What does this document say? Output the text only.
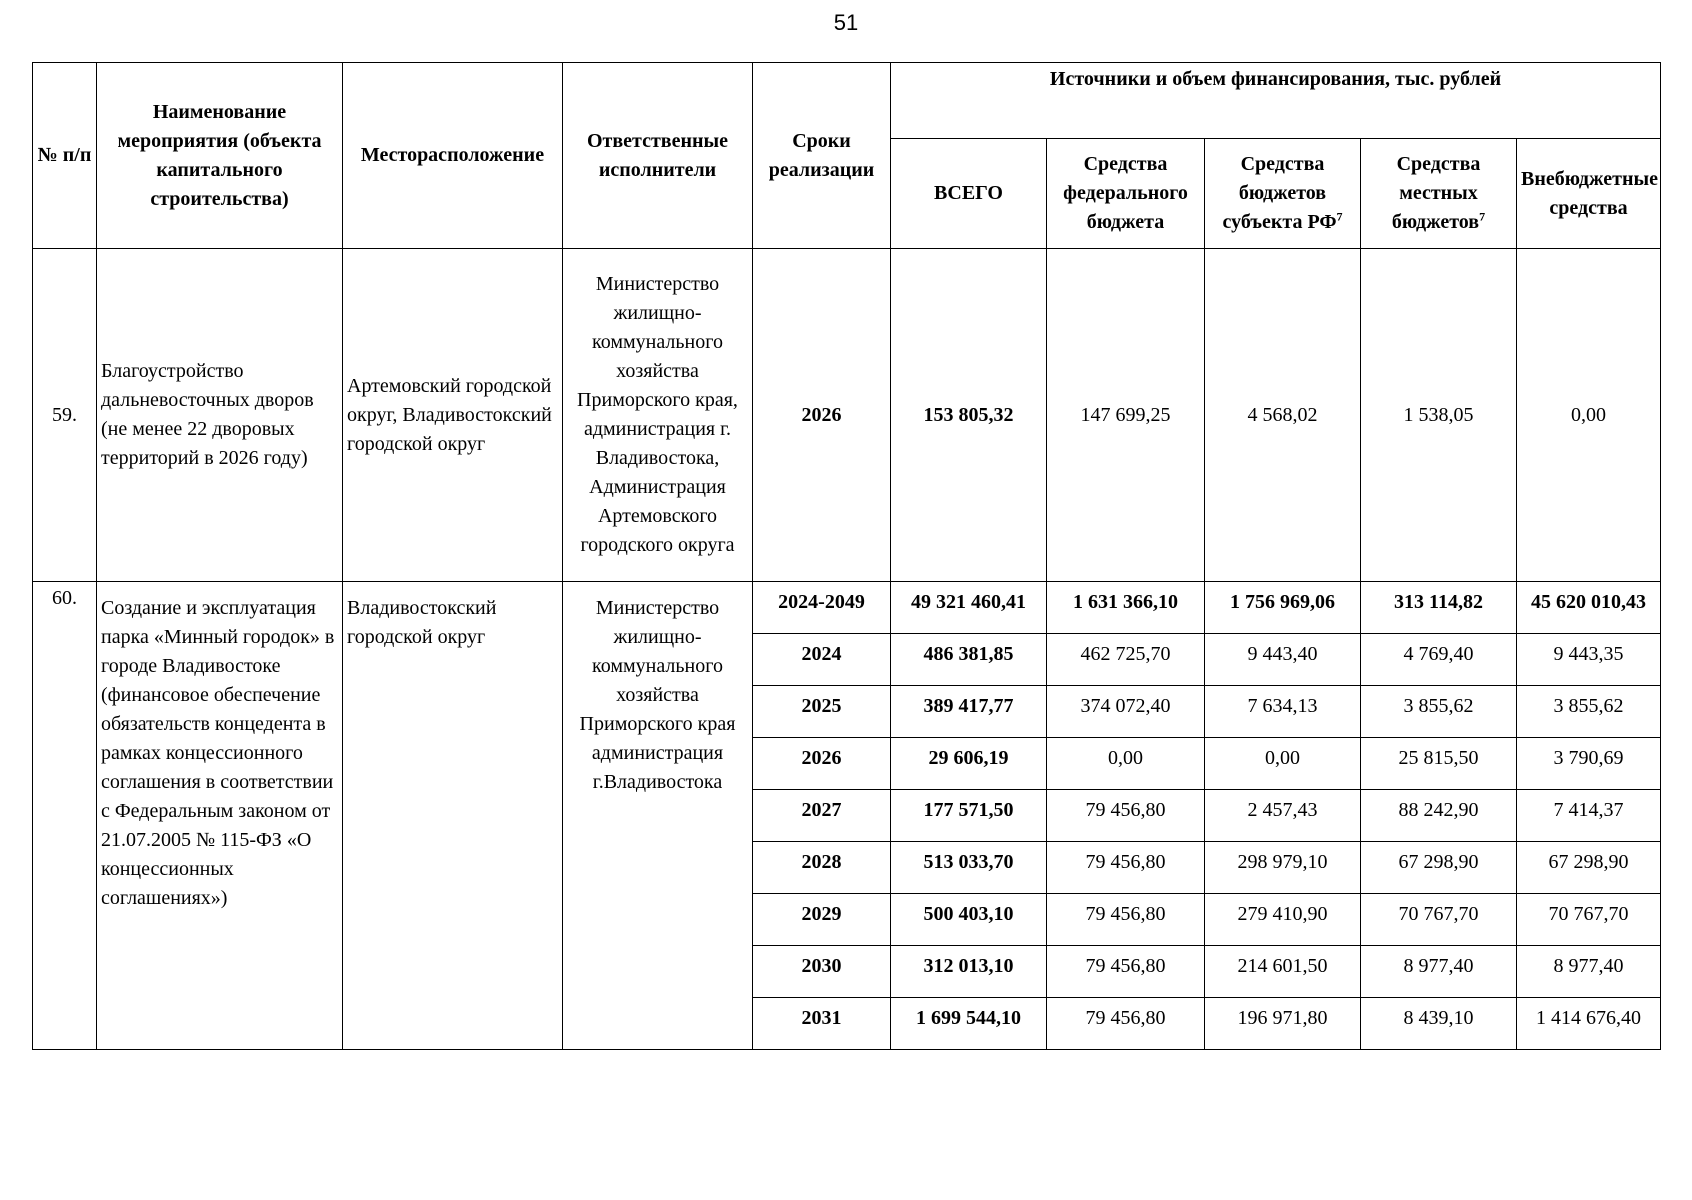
51
№ п/п	Наименование мероприятия (объекта капитального строительства)	Месторасположение	Ответственные исполнители	Сроки реализации	Источники и объем финансирования, тыс. рублей				
					ВСЕГО	Средства федерального бюджета	Средства бюджетов субъекта $РФ^7$	Средства местных бюджетов$^7$	Внебюджетные средства
59.	Благоустройство дальневосточных дворов (не менее 22 дворовых территорий в 2026 году)	Артемовский городской округ, Владивостокский городской округ	Министерство жилищно-коммунального хозяйства Приморского края, администрация г. Владивостока, Администрация Артемовского городского округа	2026	153 805,32	147 699,25	4 568,02	1 538,05	0,00
60.	Создание и эксплуатация парка «Минный городок» в городе Владивостоке (финансовое обеспечение обязательств концедента в рамках концессионного соглашения в соответствии с Федеральным законом от 21.07.2005 № 115-ФЗ «О концессионных соглашениях»)	Владивостокский городской округ	Министерство жилищно-коммунального хозяйства Приморского края администрация г.Владивостока	2024-2049	49 321 460,41	1 631 366,10	1 756 969,06	313 114,82	45 620 010,43
				2024	486 381,85	462 725,70	9 443,40	4 769,40	9 443,35
				2025	389 417,77	374 072,40	7 634,13	3 855,62	3 855,62
				2026	29 606,19	0,00	0,00	25 815,50	3 790,69
				2027	177 571,50	79 456,80	2 457,43	88 242,90	7 414,37
				2028	513 033,70	79 456,80	298 979,10	67 298,90	67 298,90
				2029	500 403,10	79 456,80	279 410,90	70 767,70	70 767,70
				2030	312 013,10	79 456,80	214 601,50	8 977,40	8 977,40
				2031	1 699 544,10	79 456,80	196 971,80	8 439,10	1 414 676,40
